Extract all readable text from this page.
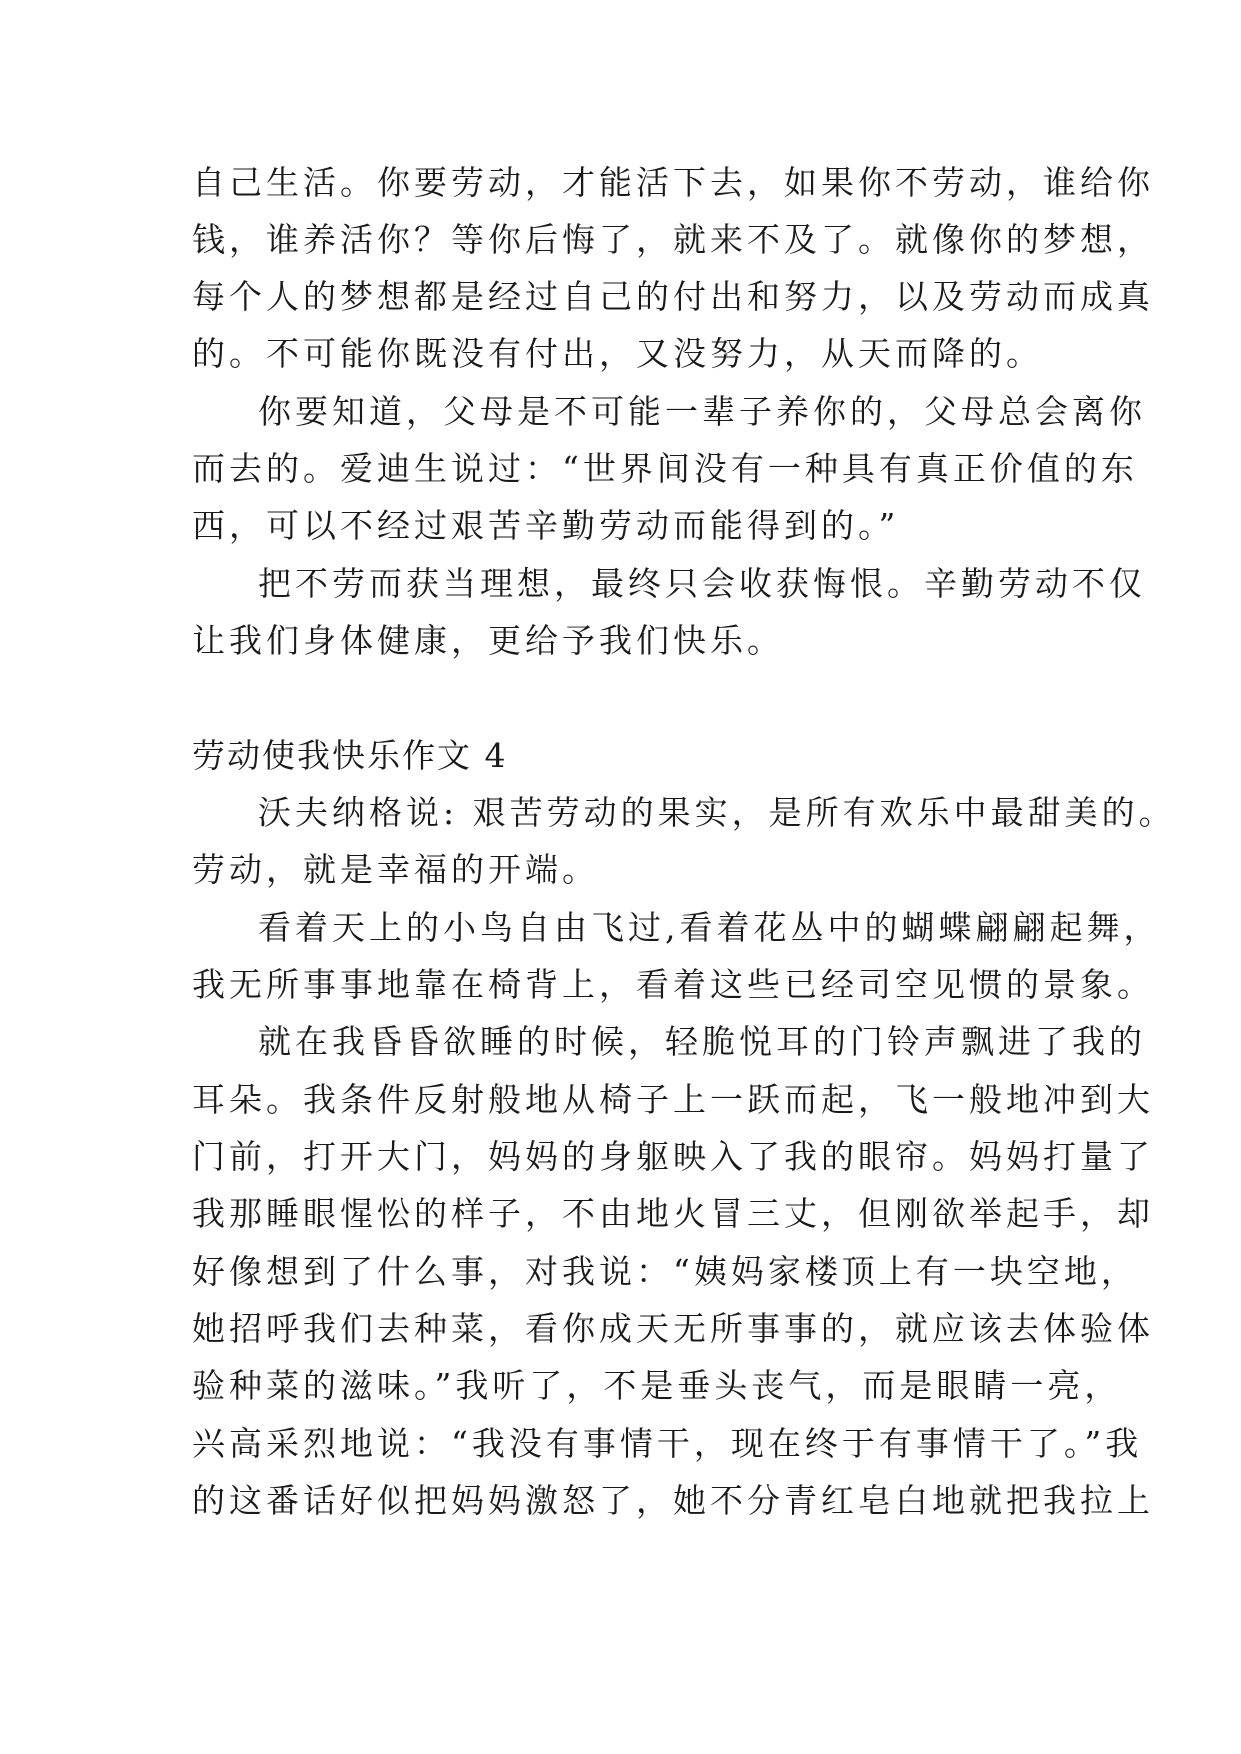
自己生活。你要劳动，才能活下去，如果你不劳动，谁给你
钱，谁养活你？等你后悔了，就来不及了。就像你的梦想，
每个人的梦想都是经过自己的付出和努力，以及劳动而成真
的。不可能你既没有付出，又没努力，从天而降的。
你要知道，父母是不可能一辈子养你的，父母总会离你
而去的。爱迪生说过：“世界间没有一种具有真正价值的东
西，可以不经过艰苦辛勤劳动而能得到的。”
把不劳而获当理想，最终只会收获悔恨。辛勤劳动不仅
让我们身体健康，更给予我们快乐。
劳动使我快乐作文 4
沃夫纳格说: 艰苦劳动的果实，是所有欢乐中最甜美的。
劳动，就是幸福的开端。
看着天上的小鸟自由飞过,看着花丛中的蝴蝶翩翩起舞，
我无所事事地靠在椅背上，看着这些已经司空见惯的景象。
就在我昏昏欲睡的时候，轻脆悦耳的门铃声飘进了我的
耳朵。我条件反射般地从椅子上一跃而起，飞一般地冲到大
门前，打开大门，妈妈的身躯映入了我的眼帘。妈妈打量了
我那睡眼惺忪的样子，不由地火冒三丈，但刚欲举起手，却
好像想到了什么事，对我说：“姨妈家楼顶上有一块空地，
她招呼我们去种菜，看你成天无所事事的，就应该去体验体
验种菜的滋味。”我听了，不是垂头丧气，而是眼睛一亮，
兴高采烈地说：“我没有事情干，现在终于有事情干了。”我
的这番话好似把妈妈激怒了，她不分青红皂白地就把我拉上
